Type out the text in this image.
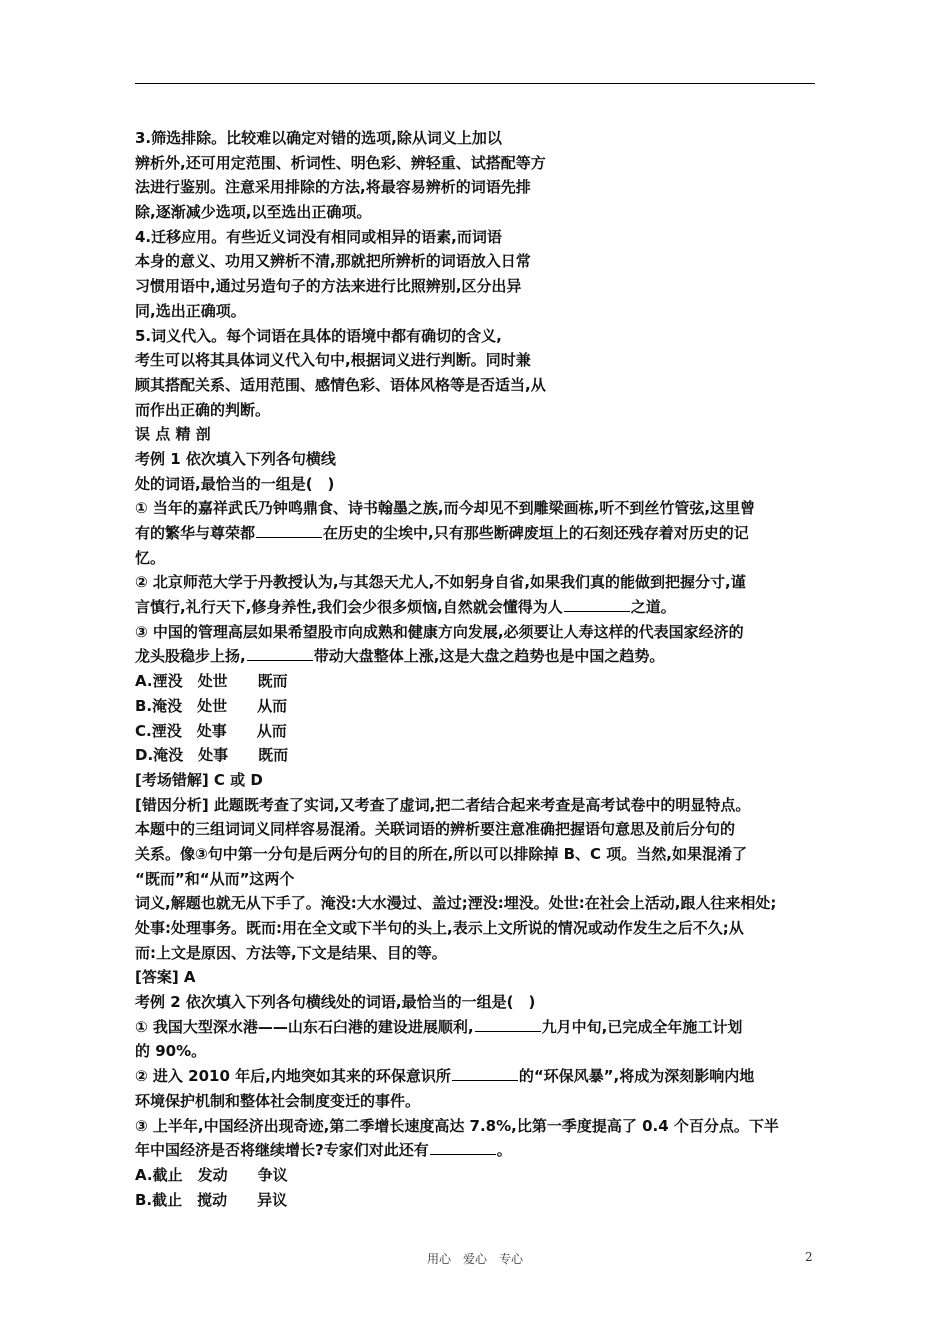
3.筛选排除。比较难以确定对错的选项,除从词义上加以
辨析外,还可用定范围、析词性、明色彩、辨轻重、试搭配等方
法进行鉴别。注意采用排除的方法,将最容易辨析的词语先排
除,逐渐减少选项,以至选出正确项。
4.迁移应用。有些近义词没有相同或相异的语素,而词语
本身的意义、功用又辨析不清,那就把所辨析的词语放入日常
习惯用语中,通过另造句子的方法来进行比照辨别,区分出异
同,选出正确项。
5.词义代入。每个词语在具体的语境中都有确切的含义,
考生可以将其具体词义代入句中,根据词义进行判断。同时兼
顾其搭配关系、适用范围、感情色彩、语体风格等是否适当,从
而作出正确的判断。
误 点 精 剖
考例 1 依次填入下列各句横线
处的词语,最恰当的一组是(　)
① 当年的嘉祥武氏乃钟鸣鼎食、诗书翰墨之族,而今却见不到雕梁画栋,听不到丝竹管弦,这里曾
有的繁华与尊荣都	在历史的尘埃中,只有那些断碑废垣上的石刻还残存着对历史的记
忆。
② 北京师范大学于丹教授认为,与其怨天尤人,不如躬身自省,如果我们真的能做到把握分寸,谨
言慎行,礼行天下,修身养性,我们会少很多烦恼,自然就会懂得为人	之道。
③ 中国的管理高层如果希望股市向成熟和健康方向发展,必须要让人寿这样的代表国家经济的
龙头股稳步上扬,	带动大盘整体上涨,这是大盘之趋势也是中国之趋势。
A.湮没　处世　　既而
B.淹没　处世　　从而
C.湮没　处事　　从而
D.淹没　处事　　既而
[考场错解] C 或 D
[错因分析] 此题既考查了实词,又考查了虚词,把二者结合起来考查是高考试卷中的明显特点。
本题中的三组词词义同样容易混淆。关联词语的辨析要注意准确把握语句意思及前后分句的
关系。像③句中第一分句是后两分句的目的所在,所以可以排除掉 B、C 项。当然,如果混淆了
“既而”和“从而”这两个
词义,解题也就无从下手了。淹没:大水漫过、盖过;湮没:埋没。处世:在社会上活动,跟人往来相处;
处事:处理事务。既而:用在全文或下半句的头上,表示上文所说的情况或动作发生之后不久;从
而:上文是原因、方法等,下文是结果、目的等。
[答案] A
考例 2 依次填入下列各句横线处的词语,最恰当的一组是(　)
① 我国大型深水港——山东石臼港的建设进展顺利,	九月中旬,已完成全年施工计划
的 90%。
② 进入 2010 年后,内地突如其来的环保意识所	的“环保风暴”,将成为深刻影响内地
环境保护机制和整体社会制度变迁的事件。
③ 上半年,中国经济出现奇迹,第二季增长速度高达 7.8%,比第一季度提高了 0.4 个百分点。下半
年中国经济是否将继续增长?专家们对此还有	。
A.截止　发动　　争议
B.截止　搅动　　异议
用心　爱心　专心	2
